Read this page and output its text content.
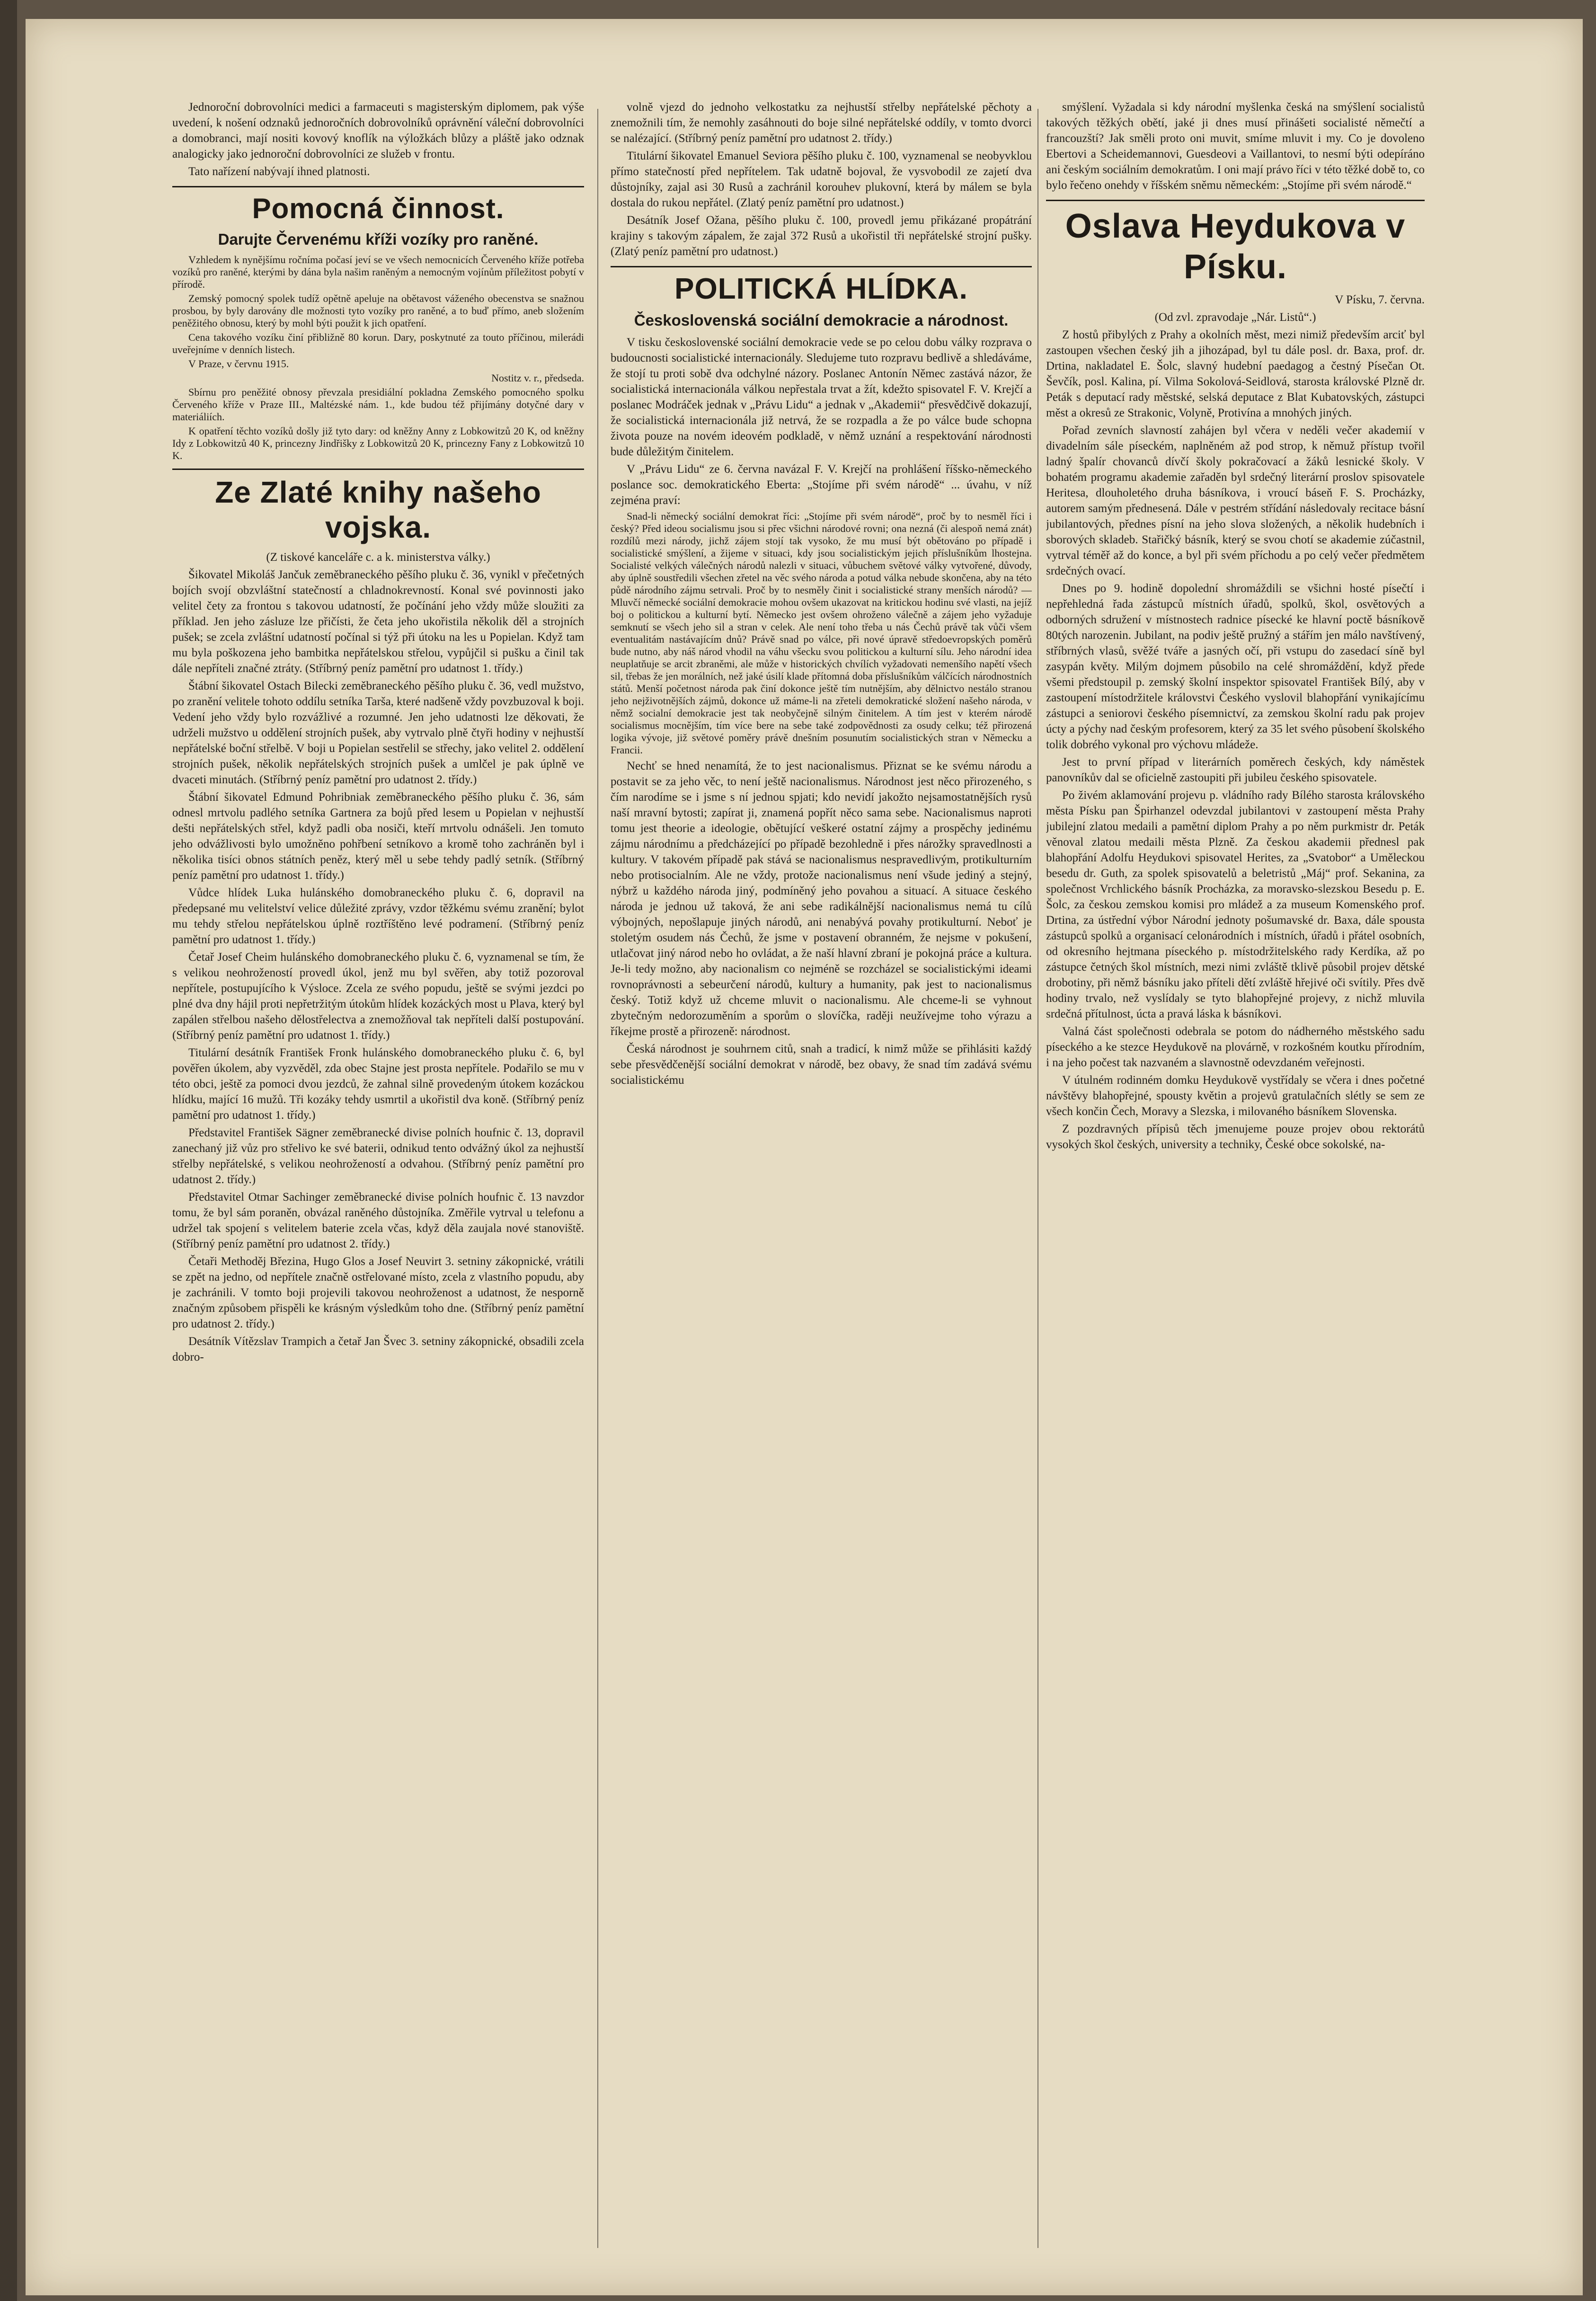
Jednoroční dobrovolníci medici a farmaceuti s magisterským diplomem, pak výše uvedení, k nošení odznaků jednoročních dobrovolníků oprávnění váleční dobrovolníci a domobranci, mají nositi kovový knoflík na výložkách blůzy a pláště jako odznak analogicky jako jednoroční dobrovolníci ze služeb v frontu.

Tato nařízení nabývají ihned platnosti.

Pomocná činnost.
Darujte Červenému kříži vozíky pro raněné.

Vzhledem k nynějšímu ročníma počasí jeví se ve všech nemocnicích Červeného kříže potřeba vozíků pro raněné, kterými by dána byla našim raněným a nemocným vojínům příležitost pobytí v přírodě.

Zemský pomocný spolek tudíž opětně apeluje na obětavost váženého obecenstva se snažnou prosbou, by byly darovány dle možnosti tyto vozíky pro raněné, a to buď přímo, aneb složením peněžitého obnosu, který by mohl býti použit k jich opatření.

Cena takového vozíku činí přibližně 80 korun. Dary, poskytnuté za touto příčinou, milerádi uveřejníme v denních listech.

V Praze, v červnu 1915.

Nostitz v. r., předseda.

Sbírnu pro peněžité obnosy převzala presidiální pokladna Zemského pomocného spolku Červeného kříže v Praze III., Maltézské nám. 1., kde budou též přijímány dotyčné dary v materiáliích.

K opatření těchto vozíků došly již tyto dary: od kněžny Anny z Lobkowitzů 20 K, od kněžny Idy z Lobkowitzů 40 K, princezny Jindřišky z Lobkowitzů 20 K, princezny Fany z Lobkowitzů 10 K.

Ze Zlaté knihy našeho vojska.

(Z tiskové kanceláře c. a k. ministerstva války.)

Šikovatel Mikoláš Jančuk zeměbraneckého pěšího pluku č. 36, vynikl v přečetných bojích svojí obzvláštní statečností a chladnokrevností. Konal své povinnosti jako velitel čety za frontou s takovou udatností, že počínání jeho vždy může sloužiti za příklad. Jen jeho zásluze lze přičísti, že četa jeho ukořistila několik děl a strojních pušek; se zcela zvláštní udatností počínal si týž při útoku na les u Popielan. Když tam mu byla poškozena jeho bambitka nepřátelskou střelou, vypůjčil si pušku a činil tak dále nepříteli značné ztráty. (Stříbrný peníz pamětní pro udatnost 1. třídy.)

Štábní šikovatel Ostach Bilecki zeměbraneckého pěšího pluku č. 36, vedl mužstvo, po zranění velitele tohoto oddílu setníka Tarša, které nadšeně vždy povzbuzoval k boji. Vedení jeho vždy bylo rozvážlivé a rozumné. Jen jeho udatnosti lze děkovati, že udrželi mužstvo u oddělení strojních pušek, aby vytrvalo plně čtyři hodiny v nejhustší nepřátelské boční střelbě. V boji u Popielan sestřelil se střechy, jako velitel 2. oddělení strojních pušek, několik nepřátelských strojních pušek a umlčel je pak úplně ve dvaceti minutách. (Stříbrný peníz pamětní pro udatnost 2. třídy.)

Štábní šikovatel Edmund Pohribniak zeměbraneckého pěšího pluku č. 36, sám odnesl mrtvolu padlého setníka Gartnera za bojů před lesem u Popielan v nejhustší dešti nepřátelských střel, když padli oba nosiči, kteří mrtvolu odnášeli. Jen tomuto jeho odvážlivosti bylo umožněno pohřbení setníkovo a kromě toho zachráněn byl i několika tisíci obnos státních peněz, který měl u sebe tehdy padlý setník. (Stříbrný peníz pamětní pro udatnost 1. třídy.)

Vůdce hlídek Luka hulánského domobraneckého pluku č. 6, dopravil na předepsané mu velitelství velice důležité zprávy, vzdor těžkému svému zranění; bylot mu tehdy střelou nepřátelskou úplně roztříštěno levé podramení. (Stříbrný peníz pamětní pro udatnost 1. třídy.)

Četař Josef Cheim hulánského domobraneckého pluku č. 6, vyznamenal se tím, že s velikou neohrožeností provedl úkol, jenž mu byl svěřen, aby totiž pozoroval nepřítele, postupujícího k Výsloce. Zcela ze svého popudu, ještě se svými jezdci po plné dva dny hájil proti nepřetržitým útokům hlídek kozáckých most u Plava, který byl zapálen střelbou našeho dělostřelectva a znemožňoval tak nepříteli další postupování. (Stříbrný peníz pamětní pro udatnost 1. třídy.)

Titulární desátník František Fronk hulánského domobraneckého pluku č. 6, byl pověřen úkolem, aby vyzvěděl, zda obec Stajne jest prosta nepřítele. Podařilo se mu v této obci, ještě za pomoci dvou jezdců, že zahnal silně provedeným útokem kozáckou hlídku, mající 16 mužů. Tři kozáky tehdy usmrtil a ukořistil dva koně. (Stříbrný peníz pamětní pro udatnost 1. třídy.)

Představitel František Sägner zeměbranecké divise polních houfnic č. 13, dopravil zanechaný již vůz pro střelivo ke své baterii, odnikud tento odvážný úkol za nejhustší střelby nepřátelské, s velikou neohrožeností a odvahou. (Stříbrný peníz pamětní pro udatnost 2. třídy.)

Představitel Otmar Sachinger zeměbranecké divise polních houfnic č. 13 navzdor tomu, že byl sám poraněn, obvázal raněného důstojníka. Změřile vytrval u telefonu a udržel tak spojení s velitelem baterie zcela včas, když děla zaujala nové stanoviště. (Stříbrný peníz pamětní pro udatnost 2. třídy.)

Četaři Methoděj Březina, Hugo Glos a Josef Neuvirt 3. setniny zákopnické, vrátili se zpět na jedno, od nepřítele značně ostřelované místo, zcela z vlastního popudu, aby je zachránili. V tomto boji projevili takovou neohroženost a udatnost, že nesporně značným způsobem přispěli ke krásným výsledkům toho dne. (Stříbrný peníz pamětní pro udatnost 2. třídy.)

Desátník Vítězslav Trampich a četař Jan Švec 3. setniny zákopnické, obsadili zcela dobro-

volně vjezd do jednoho velkostatku za nejhustší střelby nepřátelské pěchoty a znemožnili tím, že nemohly zasáhnouti do boje silné nepřátelské oddíly, v tomto dvorci se nalézající. (Stříbrný peníz pamětní pro udatnost 2. třídy.)

Titulární šikovatel Emanuel Seviora pěšího pluku č. 100, vyznamenal se neobyvklou přímo statečností před nepřítelem. Tak udatně bojoval, že vysvobodil ze zajetí dva důstojníky, zajal asi 30 Rusů a zachránil korouhev plukovní, která by málem se byla dostala do rukou nepřátel. (Zlatý peníz pamětní pro udatnost.)

Desátník Josef Ožana, pěšího pluku č. 100, provedl jemu přikázané propátrání krajiny s takovým zápalem, že zajal 372 Rusů a ukořistil tři nepřátelské strojní pušky. (Zlatý peníz pamětní pro udatnost.)

POLITICKÁ HLÍDKA.
Československá sociální demokracie a národnost.

V tisku československé sociální demokracie vede se po celou dobu války rozprava o budoucnosti socialistické internacionály. Sledujeme tuto rozpravu bedlivě a shledáváme, že stojí tu proti sobě dva odchylné názory. Poslanec Antonín Němec zastává názor, že socialistická internacionála válkou nepřestala trvat a žít, kdežto spisovatel F. V. Krejčí a poslanec Modráček jednak v „Právu Lidu“ a jednak v „Akademii“ přesvědčivě dokazují, že socialistická internacionála již netrvá, že se rozpadla a že po válce bude schopna života pouze na novém ideovém podkladě, v němž uznání a respektování národnosti bude důležitým činitelem.

V „Právu Lidu“ ze 6. června navázal F. V. Krejčí na prohlášení říšsko-německého poslance soc. demokratického Eberta: „Stojíme při svém národě“ ... úvahu, v níž zejména praví:

Snad-li německý sociální demokrat říci: „Stojíme při svém národě“, proč by to nesměl říci i český? Před ideou socialismu jsou si přec všichni národové rovni; ona nezná (či alespoň nemá znát) rozdílů mezi národy, jichž zájem stojí tak vysoko, že mu musí být obětováno po případě i socialistické smýšlení, a žijeme v situaci, kdy jsou socialistickým jejich příslušníkům lhostejna. Socialisté velkých válečných národů nalezli v situaci, vůbuchem světové války vytvořené, důvody, aby úplně soustředili všechen zřetel na věc svého národa a potud válka nebude skončena, aby na této půdě národního zájmu setrvali. Proč by to nesměly činit i socialistické strany menších národů? — Mluvčí německé sociální demokracie mohou ovšem ukazovat na kritickou hodinu své vlasti, na jejíž boj o politickou a kulturní bytí. Německo jest ovšem ohroženo válečně a zájem jeho vyžaduje semknutí se všech jeho sil a stran v celek. Ale není toho třeba u nás Čechů právě tak vůči všem eventualitám nastávajícím dnů? Právě snad po válce, při nové úpravě středoevropských poměrů bude nutno, aby náš národ vhodil na váhu všecku svou politickou a kulturní sílu. Jeho národní idea neuplatňuje se arcit zbraněmi, ale může v historických chvílích vyžadovati nemenšího napětí všech sil, třebas že jen morálních, než jaké úsilí klade přítomná doba příslušníkům válčících národnostních států. Menší početnost národa pak činí dokonce ještě tím nutnějším, aby dělnictvo nestálo stranou jeho nejživotnějších zájmů, dokonce už máme-li na zřeteli demokratické složení našeho národa, v němž socialní demokracie jest tak neobyčejně silným činitelem. A tím jest v kterém národě socialismus mocnějším, tím více bere na sebe také zodpovědnosti za osudy celku; též přirozená logika vývoje, již světové poměry právě dnešním posunutím socialistických stran v Německu a Francii.

Nechť se hned nenamítá, že to jest nacionalismus. Přiznat se ke svému národu a postavit se za jeho věc, to není ještě nacionalismus. Národnost jest něco přirozeného, s čím narodíme se i jsme s ní jednou spjati; kdo nevidí jakožto nejsamostatnějších rysů naší mravní bytosti; zapírat ji, znamená popřít něco sama sebe. Nacionalismus naproti tomu jest theorie a ideologie, obětující veškeré ostatní zájmy a prospěchy jedinému zájmu národnímu a předcházející po případě bezohledně i přes nárožky spravedlnosti a kultury. V takovém případě pak stává se nacionalismus nespravedlivým, protikulturním nebo protisocialním. Ale ne vždy, protože nacionalismus není všude jediný a stejný, nýbrž u každého národa jiný, podmíněný jeho povahou a situací. A situace českého národa je jednou už taková, že ani sebe radikálnější nacionalismus nemá tu cílů výbojných, nepošlapuje jiných národů, ani nenabývá povahy protikulturní. Neboť je stoletým osudem nás Čechů, že jsme v postavení obranném, že nejsme v pokušení, utlačovat jiný národ nebo ho ovládat, a že naší hlavní zbraní je pokojná práce a kultura. Je-li tedy možno, aby nacionalism co nejméně se rozcházel se socialistickými ideami rovnoprávnosti a sebeurčení národů, kultury a humanity, pak jest to nacionalismus český. Totiž když už chceme mluvit o nacionalismu. Ale chceme-li se vyhnout zbytečným nedorozuměním a sporům o slovíčka, raději neužívejme toho výrazu a říkejme prostě a přirozeně: národnost.

Česká národnost je souhrnem citů, snah a tradicí, k nimž může se přihlásiti každý sebe přesvědčenější sociální demokrat v národě, bez obavy, že snad tím zadává svému socialistickému

smýšlení. Vyžadala si kdy národní myšlenka česká na smýšlení socialistů takových těžkých obětí, jaké ji dnes musí přinášeti socialisté němečtí a francouzští? Jak směli proto oni muvit, smíme mluvit i my. Co je dovoleno Ebertovi a Scheidemannovi, Guesdeovi a Vaillantovi, to nesmí býti odepíráno ani českým sociálním demokratům. I oni mají právo říci v této těžké době to, co bylo řečeno onehdy v říšském sněmu německém: „Stojíme při svém národě.“

Oslava Heydukova v Písku.

V Písku, 7. června.

(Od zvl. zpravodaje „Nár. Listů“.)

Z hostů přibylých z Prahy a okolních měst, mezi nimiž především arciť byl zastoupen všechen český jih a jihozápad, byl tu dále posl. dr. Baxa, prof. dr. Drtina, nakladatel E. Šolc, slavný hudební paedagog a čestný Písečan Ot. Ševčík, posl. Kalina, pí. Vilma Sokolová-Seidlová, starosta královské Plzně dr. Peták s deputací rady městské, selská deputace z Blat Kubatovských, zástupci měst a okresů ze Strakonic, Volyně, Protivína a mnohých jiných.

Pořad zevních slavností zahájen byl včera v neděli večer akademií v divadelním sále píseckém, naplněném až pod strop, k němuž přístup tvořil ladný špalír chovanců dívčí školy pokračovací a žáků lesnické školy. V bohatém programu akademie zařaděn byl srdečný literární proslov spisovatele Heritesa, dlouholetého druha básníkova, i vroucí báseň F. S. Procházky, autorem samým přednesená. Dále v pestrém střídání následovaly recitace básní jubilantových, přednes písní na jeho slova složených, a několik hudebních i sborových skladeb. Stařičký básník, který se svou chotí se akademie zúčastnil, vytrval téměř až do konce, a byl při svém příchodu a po celý večer předmětem srdečných ovací.

Dnes po 9. hodině dopolední shromáždili se všichni hosté písečtí i nepřehledná řada zástupců místních úřadů, spolků, škol, osvětových a odborných sdružení v místnostech radnice písecké ke hlavní poctě básníkově 80tých narozenin. Jubilant, na podiv ještě pružný a stářím jen málo navštívený, stříbrných vlasů, svěžé tváře a jasných očí, při vstupu do zasedací síně byl zasypán květy. Milým dojmem působilo na celé shromáždění, když přede všemi předstoupil p. zemský školní inspektor spisovatel František Bílý, aby v zastoupení místodržitele královstvi Českého vyslovil blahopřání vynikajícímu zástupci a seniorovi českého písemnictví, za zemskou školní radu pak projev úcty a pýchy nad českým profesorem, který za 35 let svého působení školského tolik dobrého vykonal pro výchovu mládeže.

Jest to první případ v literárních poměrech českých, kdy náměstek panovníkův dal se oficielně zastoupiti při jubileu českého spisovatele.

Po živém aklamování projevu p. vládního rady Bílého starosta královského města Písku pan Špirhanzel odevzdal jubilantovi v zastoupení města Prahy jubilejní zlatou medaili a pamětní diplom Prahy a po něm purkmistr dr. Peták věnoval zlatou medaili města Plzně. Za českou akademii přednesl pak blahopřání Adolfu Heydukovi spisovatel Herites, za „Svatobor“ a Uměleckou besedu dr. Guth, za spolek spisovatelů a beletristů „Máj“ prof. Sekanina, za společnost Vrchlického básník Procházka, za moravsko-slezskou Besedu p. E. Šolc, za českou zemskou komisi pro mládež a za museum Komenského prof. Drtina, za ústřední výbor Národní jednoty pošumavské dr. Baxa, dále spousta zástupců spolků a organisací celonárodních i místních, úřadů i přátel osobních, od okresního hejtmana píseckého p. místodržitelského rady Kerdíka, až po zástupce četných škol místních, mezi nimi zvláště tklivě působil projev dětské drobotiny, při němž básníku jako příteli dětí zvláště hřejivé oči svítily. Přes dvě hodiny trvalo, než vyslídaly se tyto blahopřejné projevy, z nichž mluvila srdečná přítulnost, úcta a pravá láska k básníkovi.

Valná část společnosti odebrala se potom do nádherného městského sadu píseckého a ke stezce Heydukově na plovárně, v rozkošném koutku přírodním, i na jeho počest tak nazvaném a slavnostně odevzdaném veřejnosti.

V útulném rodinném domku Heydukově vystřídaly se včera i dnes početné návštěvy blahopřejné, spousty květin a projevů gratulačních slétly se sem ze všech končin Čech, Moravy a Slezska, i milovaného básníkem Slovenska.

Z pozdravných přípisů těch jmenujeme pouze projev obou rektorátů vysokých škol českých, university a techniky, České obce sokolské, na-
